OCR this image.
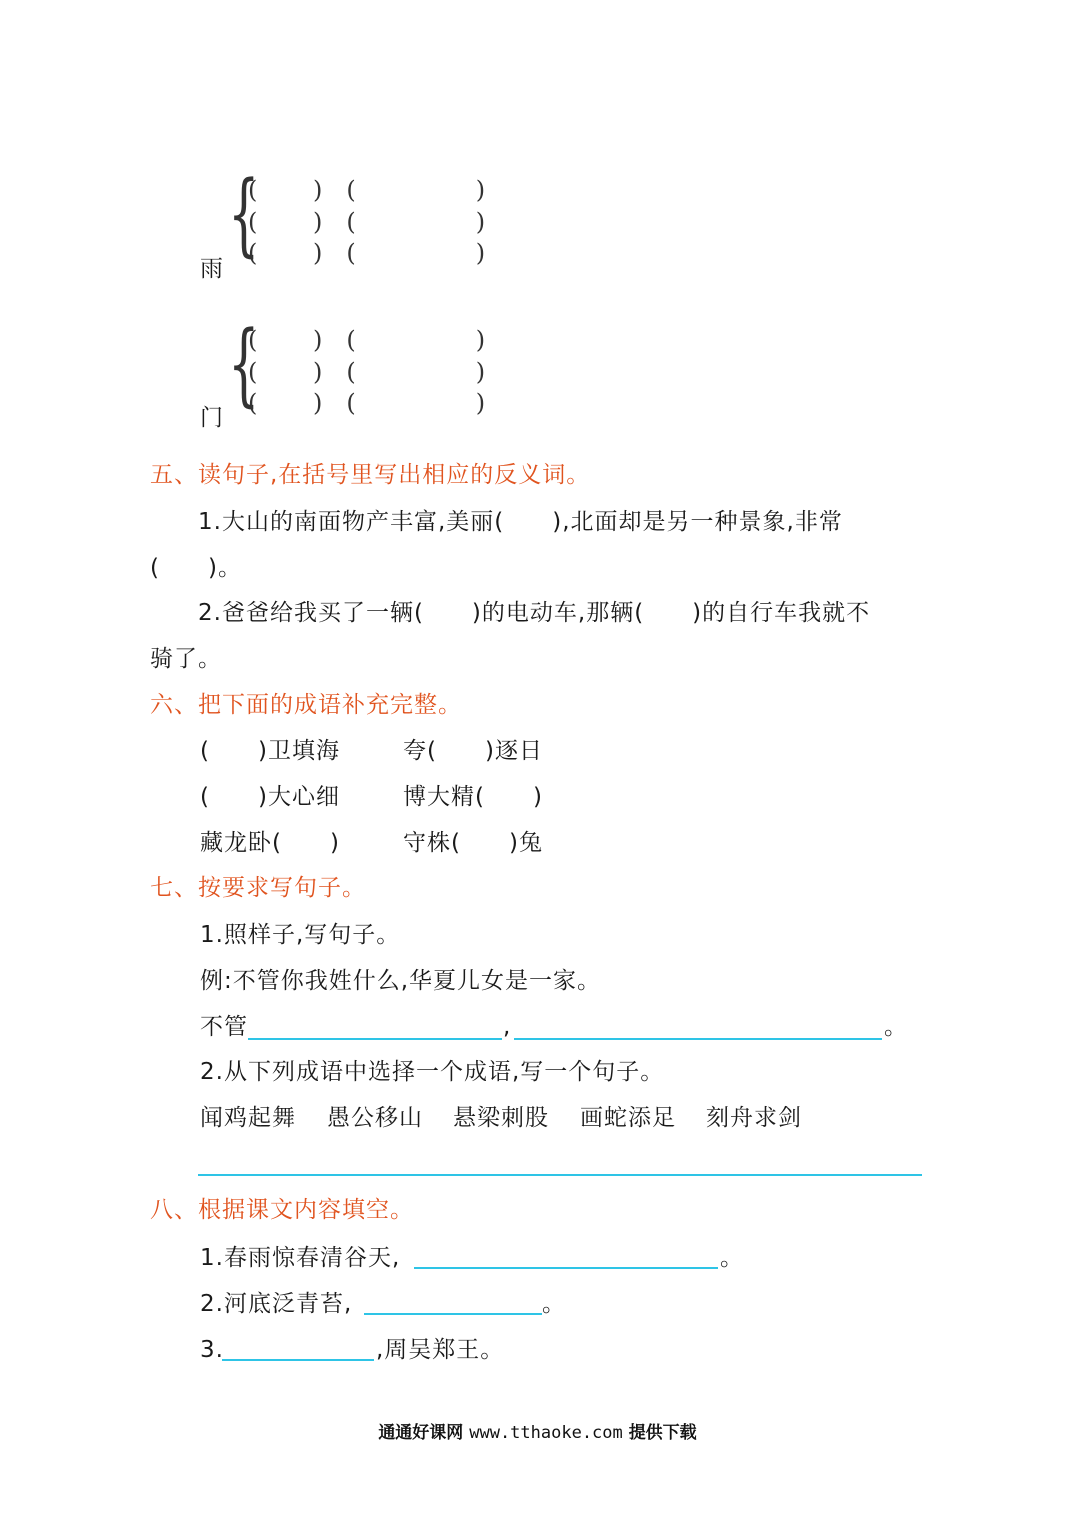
{
(　　 )　(　　　　　)
(　　 )　(　　　　　)
(　　 )　(　　　　　)
雨
{
(　　 )　(　　　　　)
(　　 )　(　　　　　)
(　　 )　(　　　　　)
门
五、读句子,在括号里写出相应的反义词。
1.大山的南面物产丰富,美丽(　　),北面却是另一种景象,非常
(　　)。
2.爸爸给我买了一辆(　　)的电动车,那辆(　　)的自行车我就不
骑了。
六、把下面的成语补充完整。
(　　)卫填海	夸(　　)逐日
(　　)大心细	博大精(　　)
藏龙卧(　　)	守株(　　)兔
七、按要求写句子。
1.照样子,写句子。
例:不管你我姓什么,华夏儿女是一家。
不管	,	。
2.从下列成语中选择一个成语,写一个句子。
闻鸡起舞 愚公移山 悬梁刺股 画蛇添足 刻舟求剑
八、根据课文内容填空。
1.春雨惊春清谷天,	。
2.河底泛青苔,	。
3.	,周吴郑王。
通通好课网 www.tthaoke.com 提供下载
